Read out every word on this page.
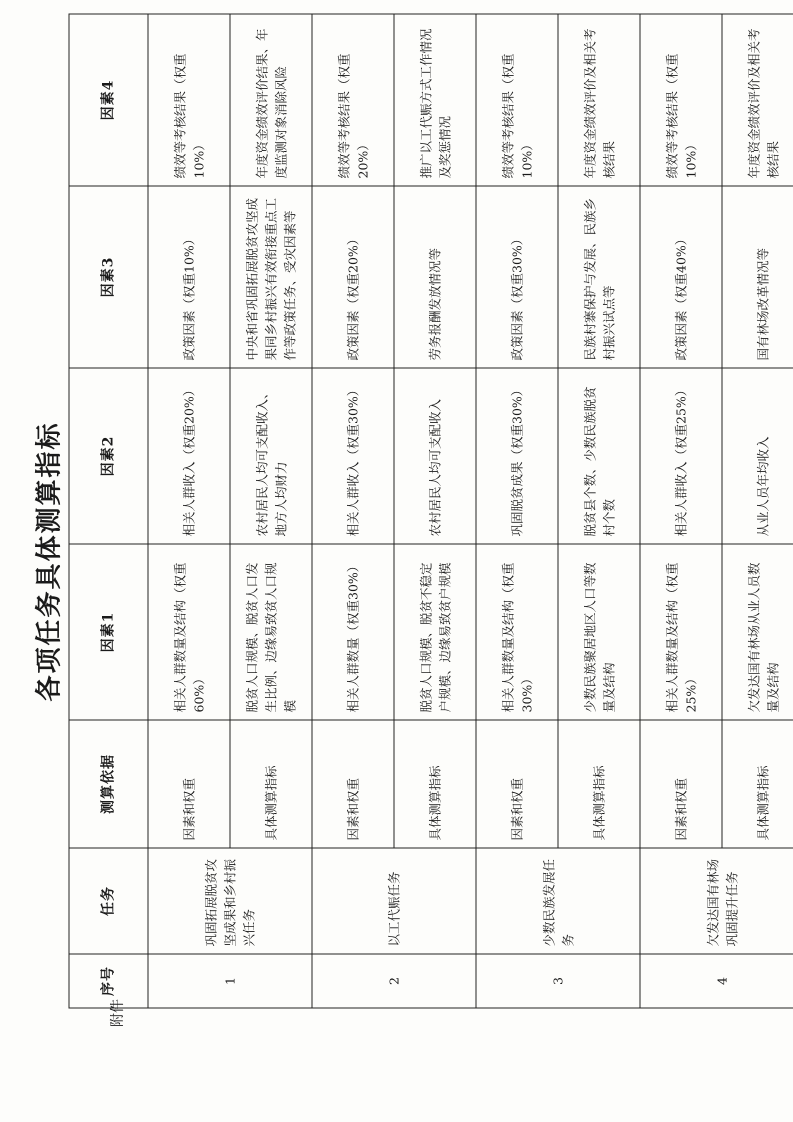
附件
各项任务具体测算指标
序号	任务	测算依据	因素1	因素2	因素3	因素4
1	巩固拓展脱贫攻坚成果和乡村振兴任务	因素和权重	相关人群数量及结构（权重60%）	相关人群收入（权重20%）	政策因素（权重10%）	绩效等考核结果（权重10%）
		具体测算指标	脱贫人口规模、脱贫人口发生比例、边缘易致贫人口规模	农村居民人均可支配收入、地方人均财力	中央和省巩固拓展脱贫攻坚成果同乡村振兴有效衔接重点工作等政策任务、受灾因素等	年度资金绩效评价结果、年度监测对象消除风险
2	以工代赈任务	因素和权重	相关人群数量（权重30%）	相关人群收入（权重30%）	政策因素（权重20%）	绩效等考核结果（权重20%）
		具体测算指标	脱贫人口规模、脱贫不稳定户规模、边缘易致贫户规模	农村居民人均可支配收入	劳务报酬发放情况等	推广以工代赈方式工作情况及奖惩情况
3	少数民族发展任务	因素和权重	相关人群数量及结构（权重30%）	巩固脱贫成果（权重30%）	政策因素（权重30%）	绩效等考核结果（权重10%）
		具体测算指标	少数民族聚居地区人口等数量及结构	脱贫县个数、少数民族脱贫村个数	民族村寨保护与发展、民族乡村振兴试点等	年度资金绩效评价及相关考核结果
4	欠发达国有林场巩固提升任务	因素和权重	相关人群数量及结构（权重25%）	相关人群收入（权重25%）	政策因素（权重40%）	绩效等考核结果（权重10%）
		具体测算指标	欠发达国有林场从业人员数量及结构	从业人员年均收入	国有林场改革情况等	年度资金绩效评价及相关考核结果
